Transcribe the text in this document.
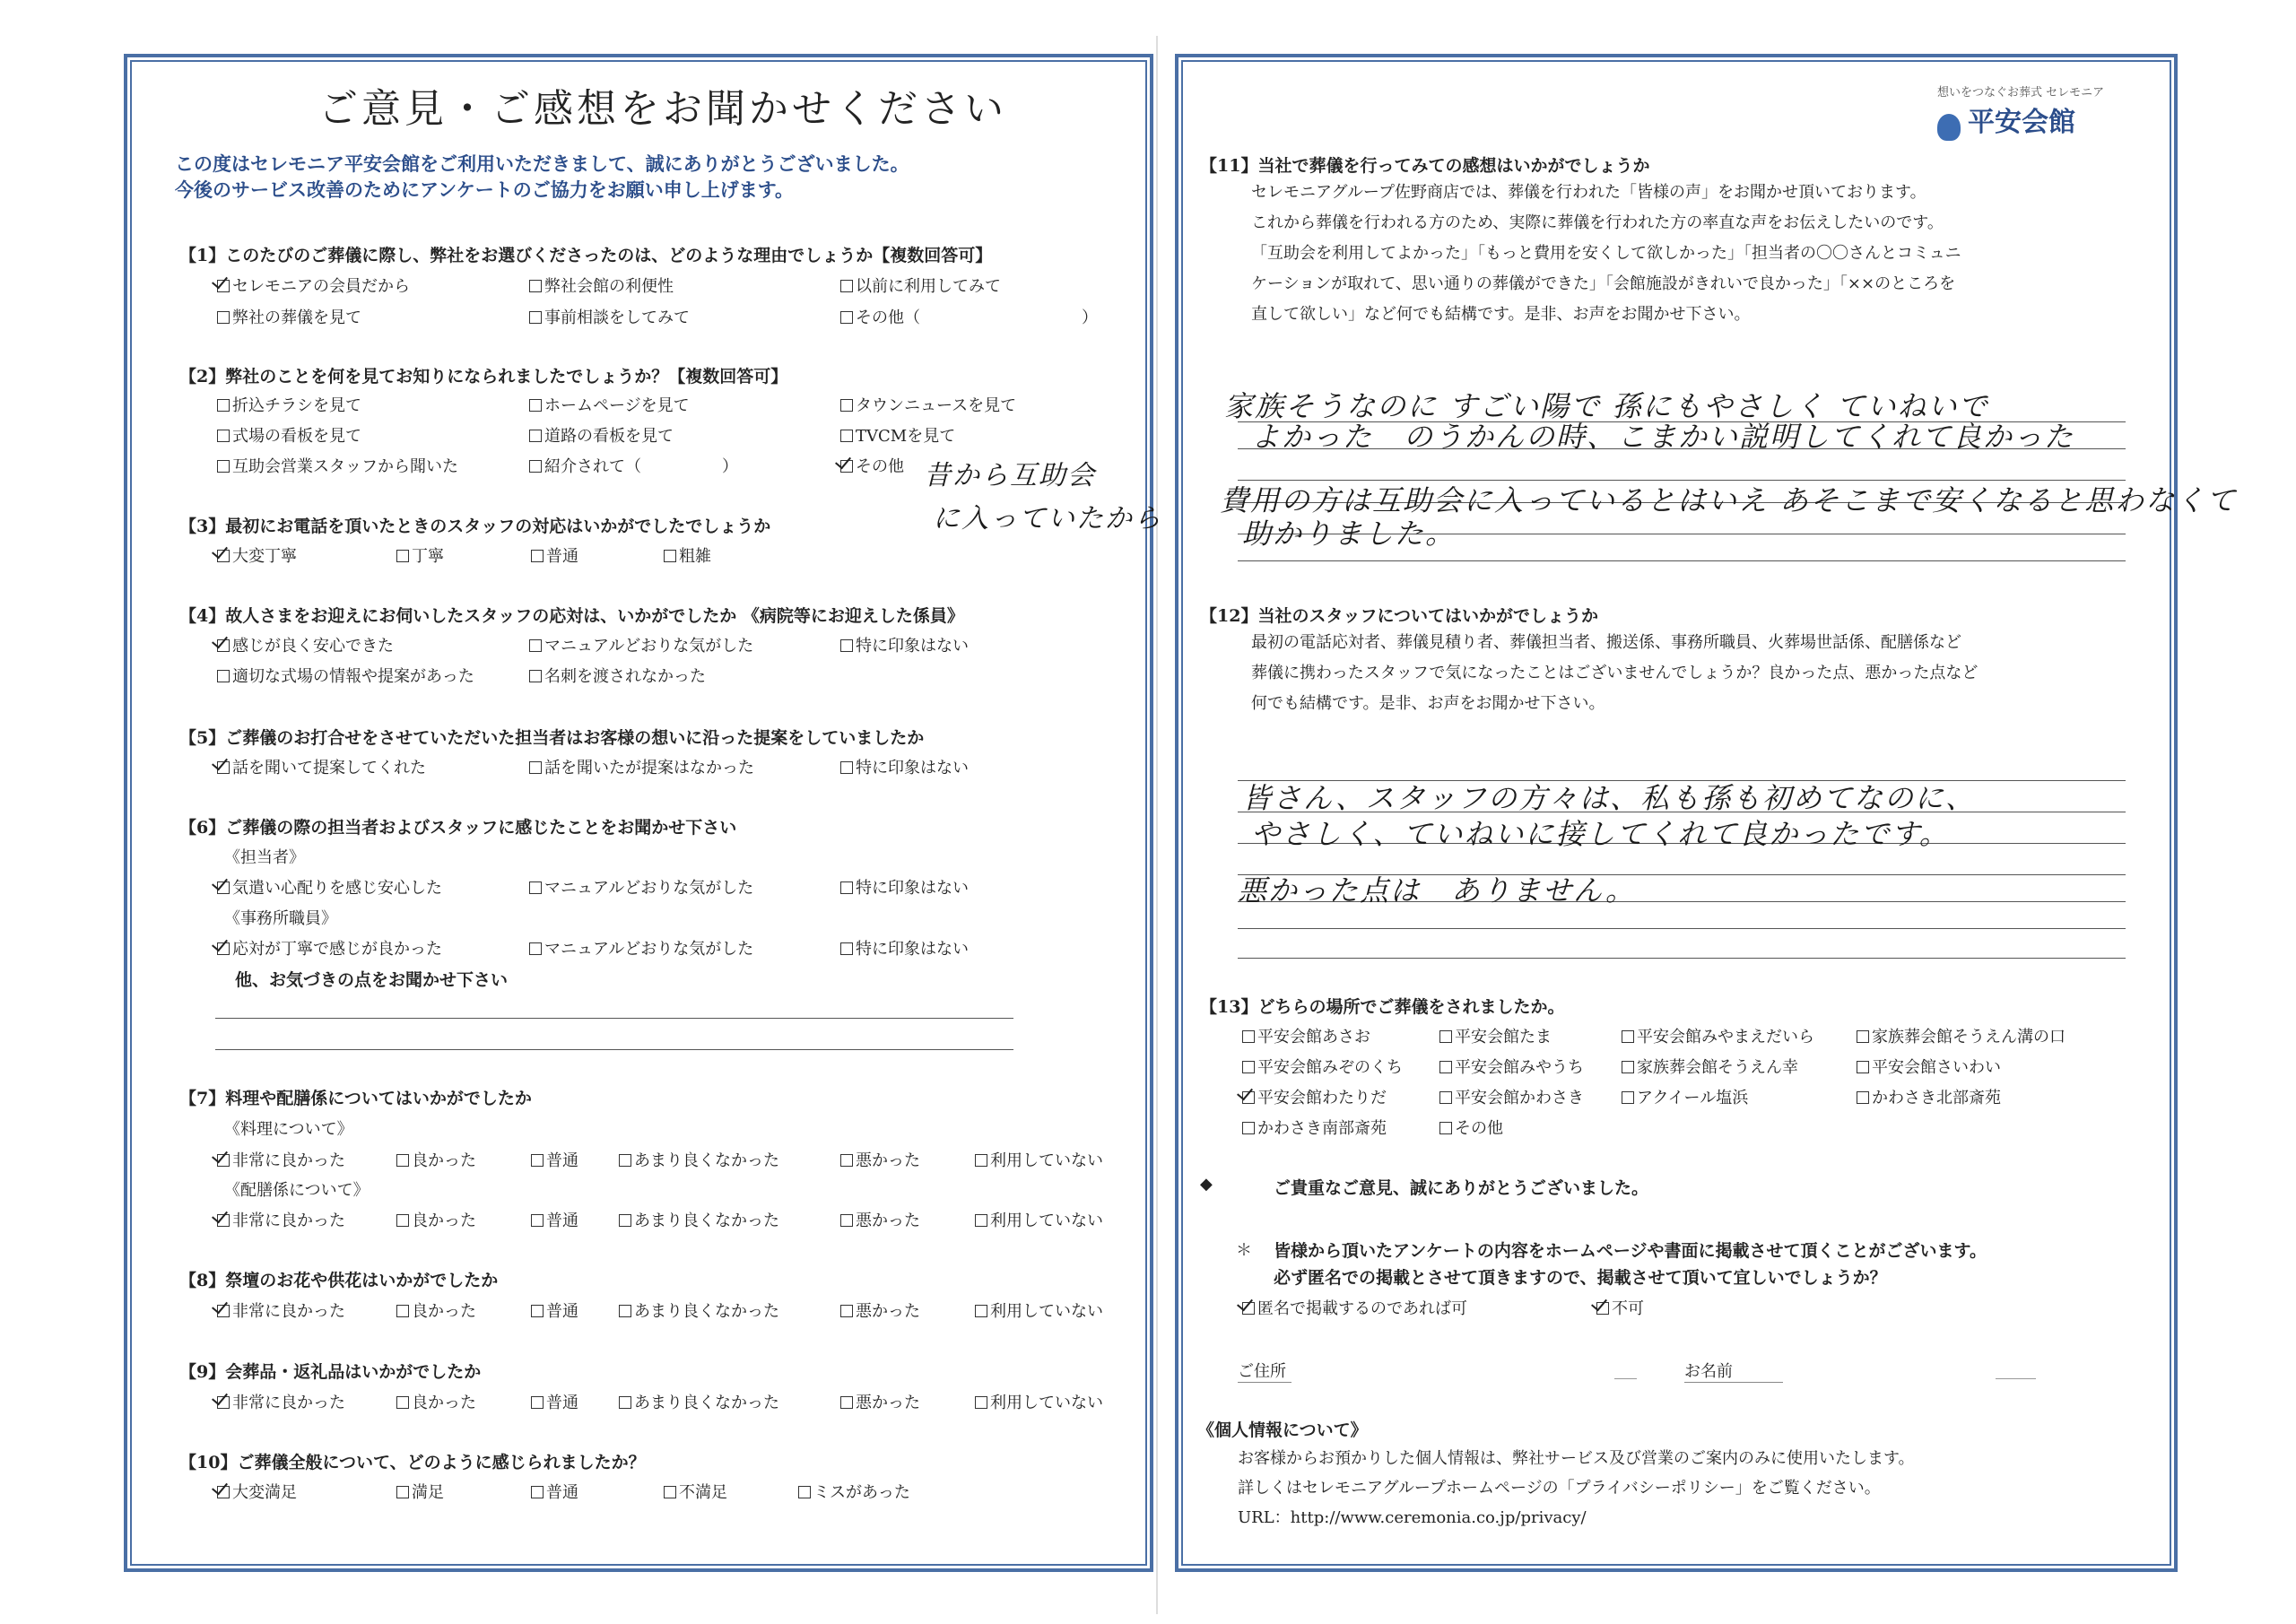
ご意見・ご感想をお聞かせください
この度はセレモニア平安会館をご利用いただきまして、誠にありがとうございました。
今後のサービス改善のためにアンケートのご協力をお願い申し上げます。
昔から互助会
に入っていたから
想いをつなぐお葬式 セレモニア
平安会館
【1】このたびのご葬儀に際し、弊社をお選びくださったのは、どのような理由でしょうか【複数回答可】
セレモニアの会員だから	弊社会館の利便性	以前に利用してみて
弊社の葬儀を見て	事前相談をしてみて	その他（　　　　　　　　　　）
【2】弊社のことを何を見てお知りになられましたでしょうか？【複数回答可】
折込チラシを見て	ホームページを見て	タウンニュースを見て
式場の看板を見て	道路の看板を見て	TVCMを見て
互助会営業スタッフから聞いた	紹介されて（　　　　　）	その他
【3】最初にお電話を頂いたときのスタッフの対応はいかがでしたでしょうか
大変丁寧	丁寧	普通	粗雑
【4】故人さまをお迎えにお伺いしたスタッフの応対は、いかがでしたか 《病院等にお迎えした係員》
感じが良く安心できた	マニュアルどおりな気がした	特に印象はない
適切な式場の情報や提案があった	名刺を渡されなかった
【5】ご葬儀のお打合せをさせていただいた担当者はお客様の想いに沿った提案をしていましたか
話を聞いて提案してくれた	話を聞いたが提案はなかった	特に印象はない
【6】ご葬儀の際の担当者およびスタッフに感じたことをお聞かせ下さい
《担当者》
気遣い心配りを感じ安心した	マニュアルどおりな気がした	特に印象はない
《事務所職員》
応対が丁寧で感じが良かった	マニュアルどおりな気がした	特に印象はない
他、お気づきの点をお聞かせ下さい
【7】料理や配膳係についてはいかがでしたか
《料理について》
非常に良かった	良かった	普通	あまり良くなかった	悪かった	利用していない
《配膳係について》
非常に良かった	良かった	普通	あまり良くなかった	悪かった	利用していない
【8】祭壇のお花や供花はいかがでしたか
非常に良かった	良かった	普通	あまり良くなかった	悪かった	利用していない
【9】会葬品・返礼品はいかがでしたか
非常に良かった	良かった	普通	あまり良くなかった	悪かった	利用していない
【10】ご葬儀全般について、どのように感じられましたか？
大変満足	満足	普通	不満足	ミスがあった
【11】当社で葬儀を行ってみての感想はいかがでしょうか
セレモニアグループ佐野商店では、葬儀を行われた「皆様の声」をお聞かせ頂いております。
これから葬儀を行われる方のため、実際に葬儀を行われた方の率直な声をお伝えしたいのです。
「互助会を利用してよかった」「もっと費用を安くして欲しかった」「担当者の〇〇さんとコミュニ
ケーションが取れて、思い通りの葬儀ができた」「会館施設がきれいで良かった」「××のところを
直して欲しい」など何でも結構です。是非、お声をお聞かせ下さい。
家族そうなのに すごい陽で 孫にもやさしく ていねいで
よかった　のうかんの時、こまかい説明してくれて良かった
費用の方は互助会に入っているとはいえ あそこまで安くなると思わなくて
助かりました。
【12】当社のスタッフについてはいかがでしょうか
最初の電話応対者、葬儀見積り者、葬儀担当者、搬送係、事務所職員、火葬場世話係、配膳係など
葬儀に携わったスタッフで気になったことはございませんでしょうか？良かった点、悪かった点など
何でも結構です。是非、お声をお聞かせ下さい。
皆さん、スタッフの方々は、私も孫も初めてなのに、
やさしく、ていねいに接してくれて良かったです。
悪かった点は　ありません。
【13】どちらの場所でご葬儀をされましたか。
平安会館あさお	平安会館たま	平安会館みやまえだいら	家族葬会館そうえん溝の口
平安会館みぞのくち	平安会館みやうち	家族葬会館そうえん幸	平安会館さいわい
平安会館わたりだ	平安会館かわさき	アクイール塩浜	かわさき北部斎苑
かわさき南部斎苑	その他
◆	ご貴重なご意見、誠にありがとうございました。
＊ 皆様から頂いたアンケートの内容をホームページや書面に掲載させて頂くことがございます。
必ず匿名での掲載とさせて頂きますので、掲載させて頂いて宜しいでしょうか？
匿名で掲載するのであれば可	不可
ご住所	お名前
《個人情報について》
お客様からお預かりした個人情報は、弊社サービス及び営業のご案内のみに使用いたします。
詳しくはセレモニアグループホームページの「プライバシーポリシー」をご覧ください。
URL：http://www.ceremonia.co.jp/privacy/
